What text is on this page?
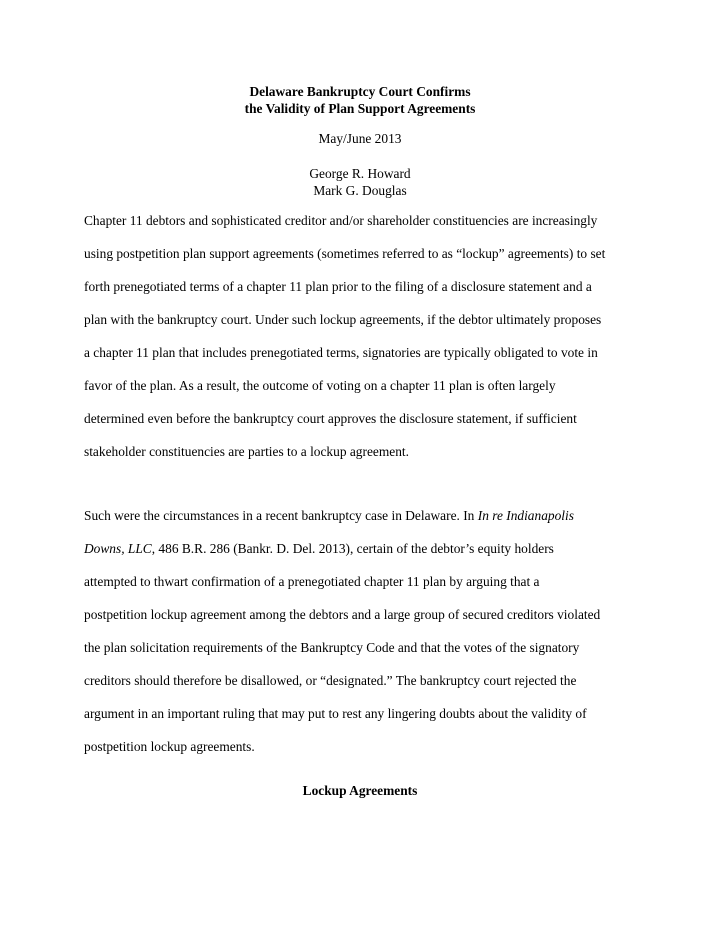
Delaware Bankruptcy Court Confirms

the Validity of Plan Support Agreements

May/June 2013

George R. Howard

Mark G. Douglas

Chapter 11 debtors and sophisticated creditor and/or shareholder constituencies are increasingly
using postpetition plan support agreements (sometimes referred to as “lockup” agreements) to set
forth prenegotiated terms of a chapter 11 plan prior to the filing of a disclosure statement and a
plan with the bankruptcy court. Under such lockup agreements, if the debtor ultimately proposes
a chapter 11 plan that includes prenegotiated terms, signatories are typically obligated to vote in
favor of the plan. As a result, the outcome of voting on a chapter 11 plan is often largely
determined even before the bankruptcy court approves the disclosure statement, if sufficient
stakeholder constituencies are parties to a lockup agreement.
Such were the circumstances in a recent bankruptcy case in Delaware. In In re Indianapolis
Downs, LLC, 486 B.R. 286 (Bankr. D. Del. 2013), certain of the debtor’s equity holders
attempted to thwart confirmation of a prenegotiated chapter 11 plan by arguing that a
postpetition lockup agreement among the debtors and a large group of secured creditors violated
the plan solicitation requirements of the Bankruptcy Code and that the votes of the signatory
creditors should therefore be disallowed, or “designated.” The bankruptcy court rejected the
argument in an important ruling that may put to rest any lingering doubts about the validity of
postpetition lockup agreements.

Lockup Agreements
